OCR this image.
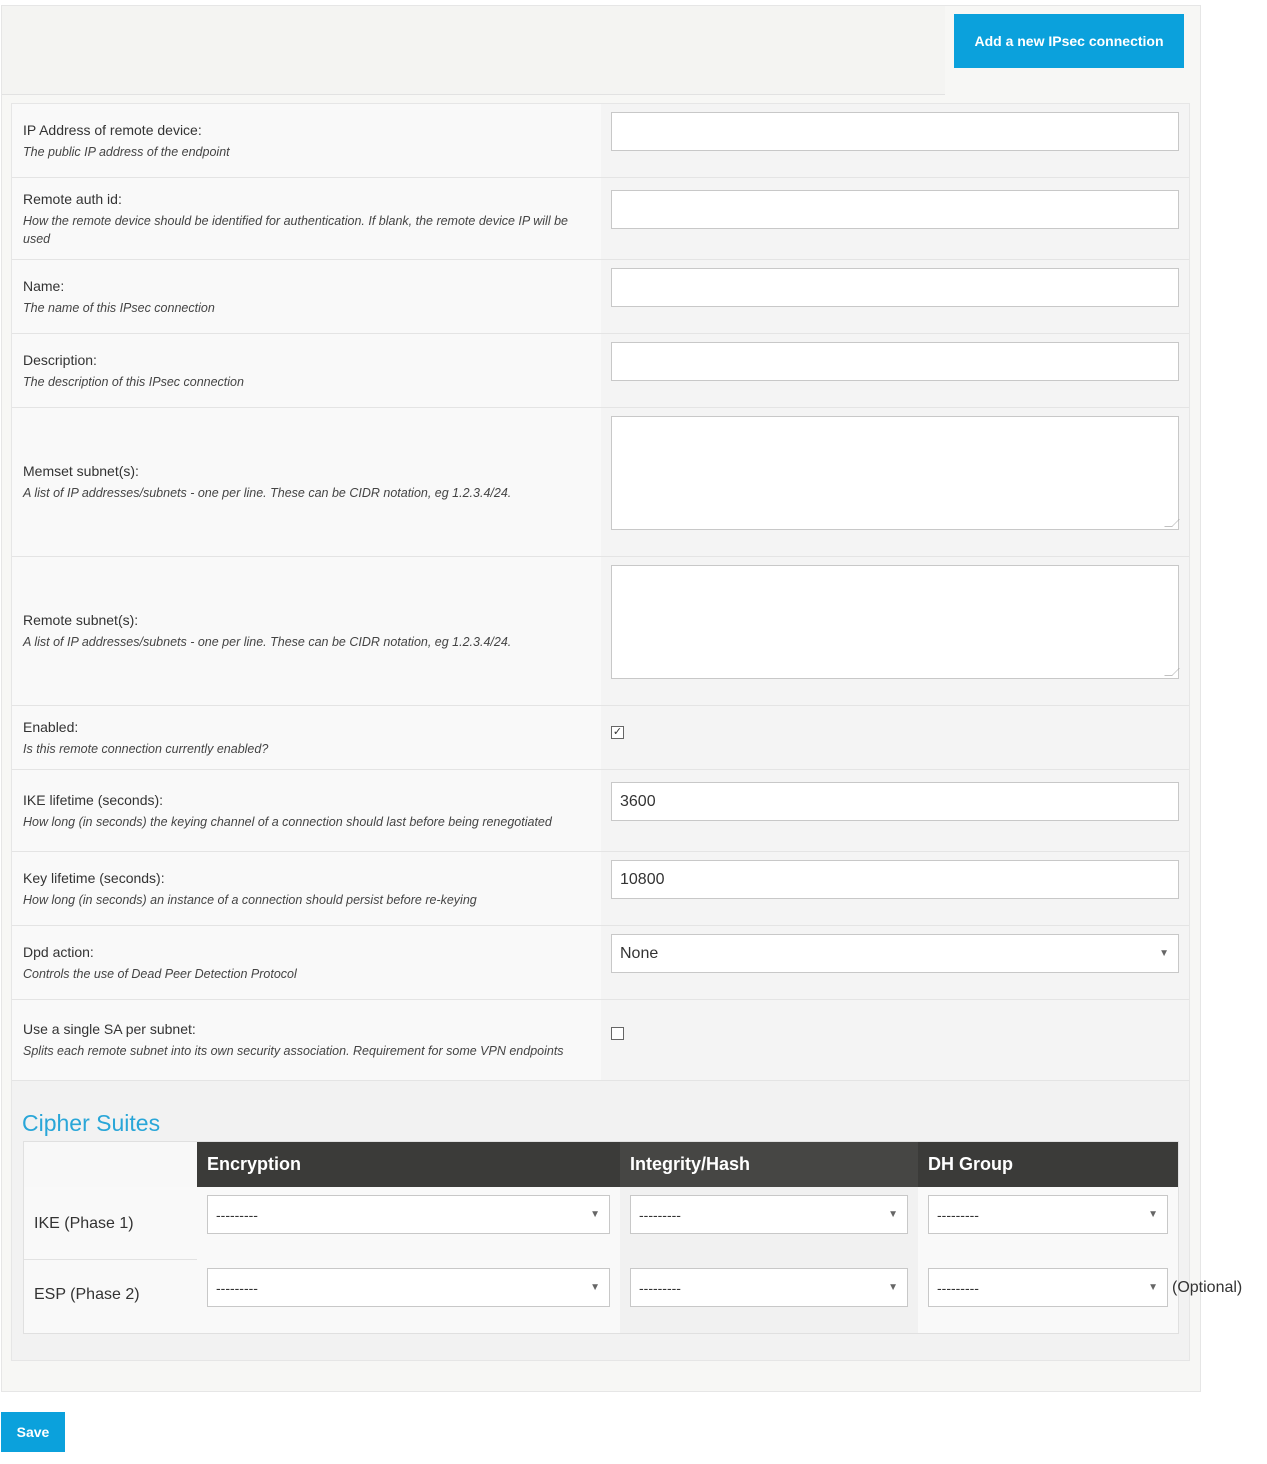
Add a new IPsec connection
IP Address of remote device:
The public IP address of the endpoint
Remote auth id:
How the remote device should be identified for authentication. If blank, the remote device IP will be used
Name:
The name of this IPsec connection
Description:
The description of this IPsec connection
Memset subnet(s):
A list of IP addresses/subnets - one per line. These can be CIDR notation, eg 1.2.3.4/24.
Remote subnet(s):
A list of IP addresses/subnets - one per line. These can be CIDR notation, eg 1.2.3.4/24.
Enabled:
Is this remote connection currently enabled?
✓
IKE lifetime (seconds):
How long (in seconds) the keying channel of a connection should last before being renegotiated
3600
Key lifetime (seconds):
How long (in seconds) an instance of a connection should persist before re-keying
10800
Dpd action:
Controls the use of Dead Peer Detection Protocol
None	▼
Use a single SA per subnet:
Splits each remote subnet into its own security association. Requirement for some VPN endpoints
Cipher Suites
Encryption	Integrity/Hash	DH Group
IKE (Phase 1)	---------	▼	---------	▼	---------	▼
ESP (Phase 2)	---------	▼	---------	▼	---------	▼ (Optional)
Save
